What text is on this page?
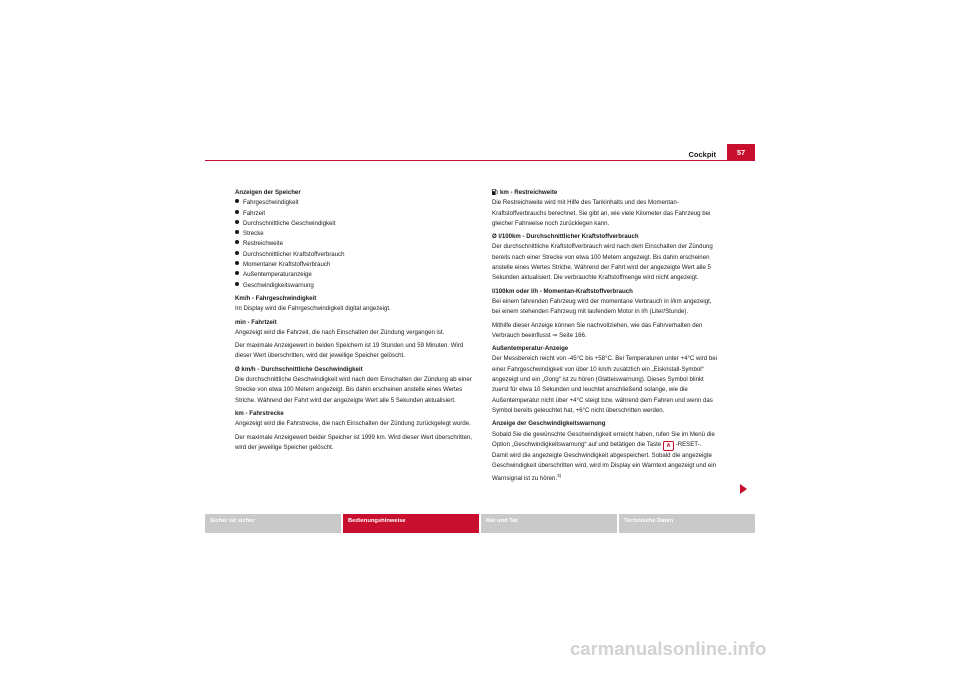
Cockpit	57
Anzeigen der Speicher
Fahrgeschwindigkeit
Fahrzeit
Durchschnittliche Geschwindigkeit
Strecke
Restreichweite
Durchschnittlicher Kraftstoffverbrauch
Momentaner Kraftstoffverbrauch
Außentemperaturanzeige
Geschwindigkeitswarnung
Km/h - Fahrgeschwindigkeit
Im Display wird die Fahrgeschwindigkeit digital angezeigt.
min - Fahrtzeit
Angezeigt wird die Fahrzeit, die nach Einschalten der Zündung vergangen ist.
Der maximale Anzeigewert in beiden Speichern ist 19 Stunden und 59 Minuten. Wird dieser Wert überschritten, wird der jeweilige Speicher gelöscht.
Ø km/h - Durchschnittliche Geschwindigkeit
Die durchschnittliche Geschwindigkeit wird nach dem Einschalten der Zündung ab einer Strecke von etwa 100 Metern angezeigt. Bis dahin erscheinen anstelle eines Wertes Striche. Während der Fahrt wird der angezeigte Wert alle 5 Sekunden aktualisiert.
km - Fahrstrecke
Angezeigt wird die Fahrstrecke, die nach Einschalten der Zündung zurückgelegt wurde.
Der maximale Anzeigewert beider Speicher ist 1999 km. Wird dieser Wert überschritten, wird der jeweilige Speicher gelöscht.
km - Restreichweite
Die Restreichweite wird mit Hilfe des Tankinhalts und des Momentan-Kraftstoffverbrauchs berechnet. Sie gibt an, wie viele Kilometer das Fahrzeug bei gleicher Fahrweise noch zurücklegen kann.
Ø l/100km - Durchschnittlicher Kraftstoffverbrauch
Der durchschnittliche Kraftstoffverbrauch wird nach dem Einschalten der Zündung bereits nach einer Strecke von etwa 100 Metern angezeigt. Bis dahin erscheinen anstelle eines Wertes Striche. Während der Fahrt wird der angezeigte Wert alle 5 Sekunden aktualisiert. Die verbrauchte Kraftstoffmenge wird nicht angezeigt.
l/100km oder l/h - Momentan-Kraftstoffverbrauch
Bei einem fahrenden Fahrzeug wird der momentane Verbrauch in l/km angezeigt, bei einem stehenden Fahrzeug mit laufendem Motor in l/h (Liter/Stunde).
Mithilfe dieser Anzeige können Sie nachvollziehen, wie das Fahrverhalten den Verbrauch beeinflusst ⇒ Seite 166.
Außentemperatur-Anzeige
Der Messbereich reicht von -45°C bis +58°C. Bei Temperaturen unter +4°C wird bei einer Fahrgeschwindigkeit von über 10 km/h zusätzlich ein „Eiskristall-Symbol“ angezeigt und ein „Gong“ ist zu hören (Glatteiswarnung). Dieses Symbol blinkt zuerst für etwa 10 Sekunden und leuchtet anschließend solange, wie die Außentemperatur nicht über +4°C steigt bzw. während dem Fahren und wenn das Symbol bereits geleuchtet hat, +6°C nicht überschritten werden.
Anzeige der Geschwindigkeitswarnung
Sobald Sie die gewünschte Geschwindigkeit erreicht haben, rufen Sie im Menü die Option „Geschwindigkeitswarnung“ auf und betätigen die Taste A -RESET-. Damit wird die angezeigte Geschwindigkeit abgespeichert. Sobald die angezeigte Geschwindigkeit überschritten wird, wird im Display ein Warntext angezeigt und ein Warnsignal ist zu hören.$^{3)}$
Sicher ist sicher	Bedienungshinweise	Rat und Tat	Technische Daten
carmanualsonline.info
